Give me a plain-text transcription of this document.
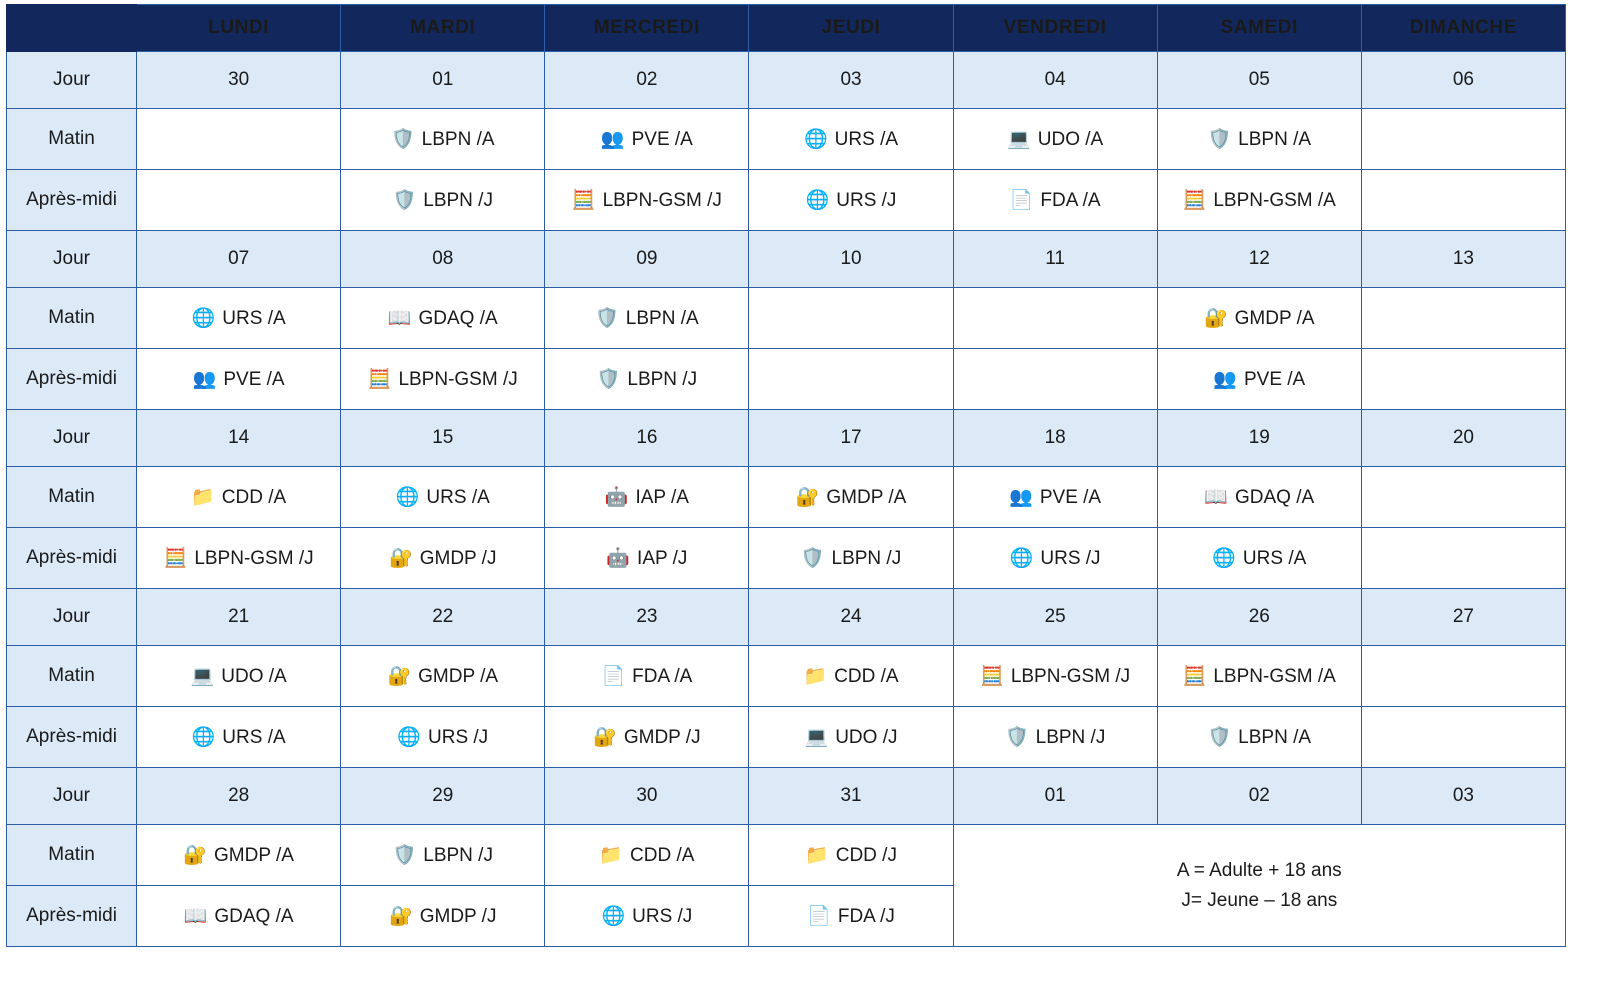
	LUNDI	MARDI	MERCREDI	JEUDI	VENDREDI	SAMEDI	DIMANCHE
Jour	30	01	02	03	04	05	06
Matin		🛡️ LBPN /A	👥 PVE /A	🌐 URS /A	💻 UDO /A	🛡️ LBPN /A	

Après-midi		🛡️ LBPN /J	🧮 LBPN-GSM /J	🌐 URS /J	📄 FDA /A	🧮 LBPN-GSM /A	

Jour	07	08	09	10	11	12	13
Matin	🌐 URS /A	📖 GDAQ /A	🛡️ LBPN /A			🔐 GMDP /A	

Après-midi	👥 PVE /A	🧮 LBPN-GSM /J	🛡️ LBPN /J			👥 PVE /A	

Jour	14	15	16	17	18	19	20
Matin	📁 CDD /A	🌐 URS /A	🤖 IAP /A	🔐 GMDP /A	👥 PVE /A	📖 GDAQ /A	

Après-midi	🧮 LBPN-GSM /J	🔐 GMDP /J	🤖 IAP /J	🛡️ LBPN /J	🌐 URS /J	🌐 URS /A	

Jour	21	22	23	24	25	26	27
Matin	💻 UDO /A	🔐 GMDP /A	📄 FDA /A	📁 CDD /A	🧮 LBPN-GSM /J	🧮 LBPN-GSM /A	

Après-midi	🌐 URS /A	🌐 URS /J	🔐 GMDP /J	💻 UDO /J	🛡️ LBPN /J	🛡️ LBPN /A	

Jour	28	29	30	31	01	02	03
Matin	🔐 GMDP /A	🛡️ LBPN /J	📁 CDD /A	📁 CDD /J	A = Adulte + 18 ans
J= Jeune – 18 ans		

Après-midi	📖 GDAQ /A	🔐 GMDP /J	🌐 URS /J	📄 FDA /J			
